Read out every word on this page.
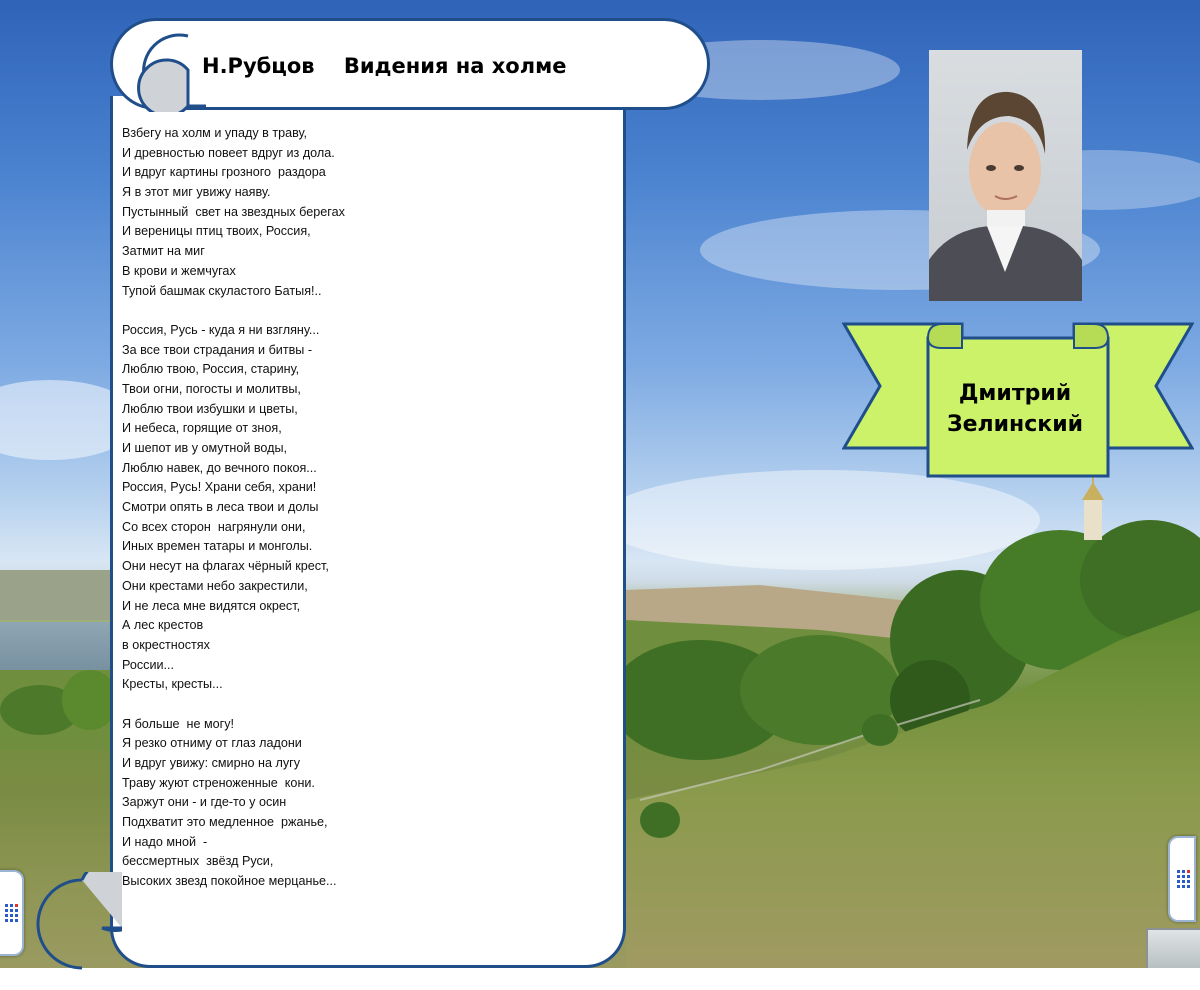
Н.Рубцов    Видения на холме
Взбегу на холм и упаду в траву,
И древностью повеет вдруг из дола.
И вдруг картины грозного  раздора
Я в этот миг увижу наяву.
Пустынный  свет на звездных берегах
И вереницы птиц твоих, Россия,
Затмит на миг
В крови и жемчугах
Тупой башмак скуластого Батыя!..
Россия, Русь - куда я ни взгляну...
За все твои страдания и битвы -
Люблю твою, Россия, старину,
Твои огни, погосты и молитвы,
Люблю твои избушки и цветы,
И небеса, горящие от зноя,
И шепот ив у омутной воды,
Люблю навек, до вечного покоя...
Россия, Русь! Храни себя, храни!
Смотри опять в леса твои и долы
Со всех сторон  нагрянули они,
Иных времен татары и монголы.
Они несут на флагах чёрный крест,
Они крестами небо закрестили,
И не леса мне видятся окрест,
А лес крестов
в окрестностях
России...
Кресты, кресты...
Я больше  не могу!
Я резко отниму от глаз ладони
И вдруг увижу: смирно на лугу
Траву жуют стреноженные  кони.
Заржут они - и где-то у осин
Подхватит это медленное  ржанье,
И надо мной  -
бессмертных  звёзд Руси,
Высоких звезд покойное мерцанье...
Дмитрий
Зелинский
